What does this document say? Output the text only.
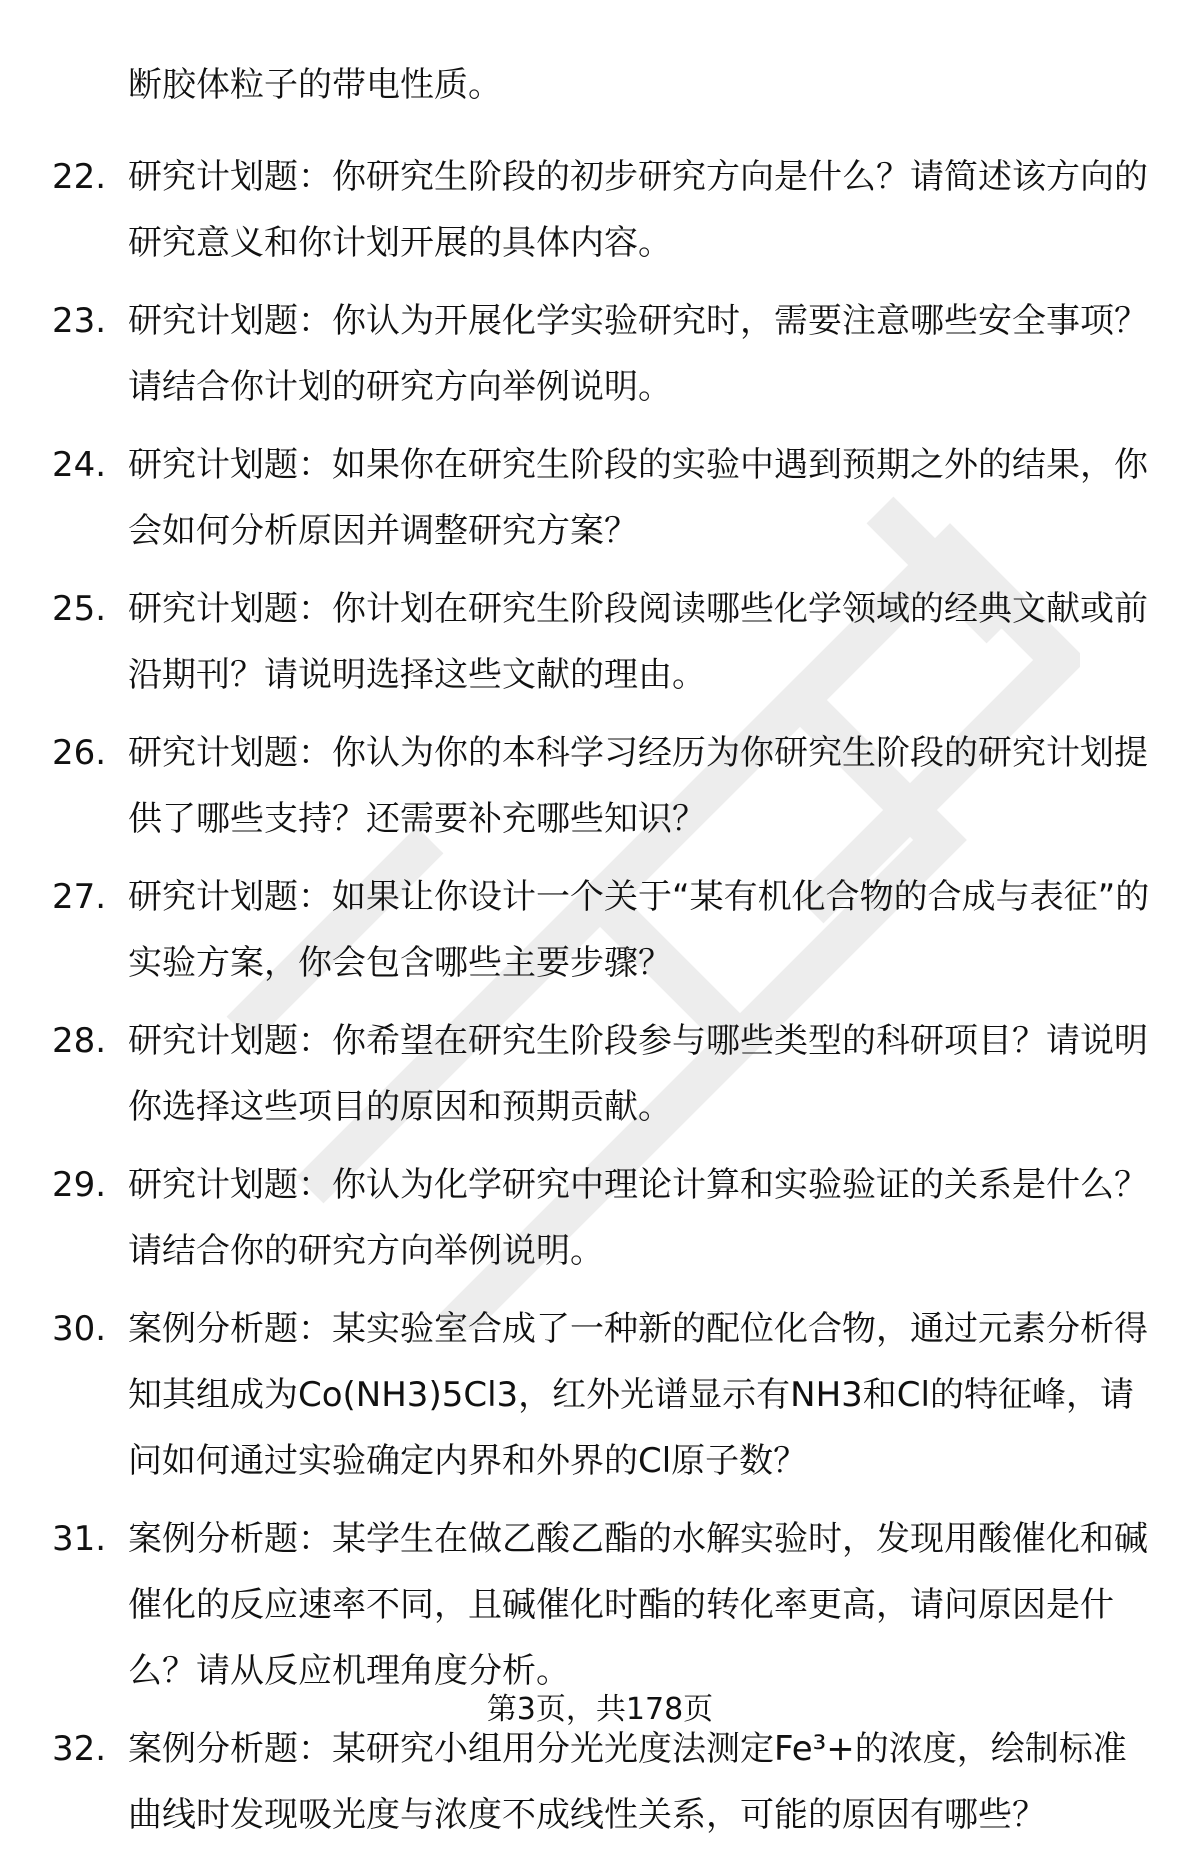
断胶体粒子的带电性质。

22. 研究计划题：你研究生阶段的初步研究方向是什么？请简述该方向的研究意义和你计划开展的具体内容。
23. 研究计划题：你认为开展化学实验研究时，需要注意哪些安全事项？请结合你计划的研究方向举例说明。
24. 研究计划题：如果你在研究生阶段的实验中遇到预期之外的结果，你会如何分析原因并调整研究方案？
25. 研究计划题：你计划在研究生阶段阅读哪些化学领域的经典文献或前沿期刊？请说明选择这些文献的理由。
26. 研究计划题：你认为你的本科学习经历为你研究生阶段的研究计划提供了哪些支持？还需要补充哪些知识？
27. 研究计划题：如果让你设计一个关于“某有机化合物的合成与表征”的实验方案，你会包含哪些主要步骤？
28. 研究计划题：你希望在研究生阶段参与哪些类型的科研项目？请说明你选择这些项目的原因和预期贡献。
29. 研究计划题：你认为化学研究中理论计算和实验验证的关系是什么？请结合你的研究方向举例说明。
30. 案例分析题：某实验室合成了一种新的配位化合物，通过元素分析得知其组成为Co(NH3)5Cl3，红外光谱显示有NH3和Cl的特征峰，请问如何通过实验确定内界和外界的Cl原子数？
31. 案例分析题：某学生在做乙酸乙酯的水解实验时，发现用酸催化和碱催化的反应速率不同，且碱催化时酯的转化率更高，请问原因是什么？请从反应机理角度分析。
32. 案例分析题：某研究小组用分光光度法测定Fe³+的浓度，绘制标准曲线时发现吸光度与浓度不成线性关系，可能的原因有哪些？
第3页，共178页
